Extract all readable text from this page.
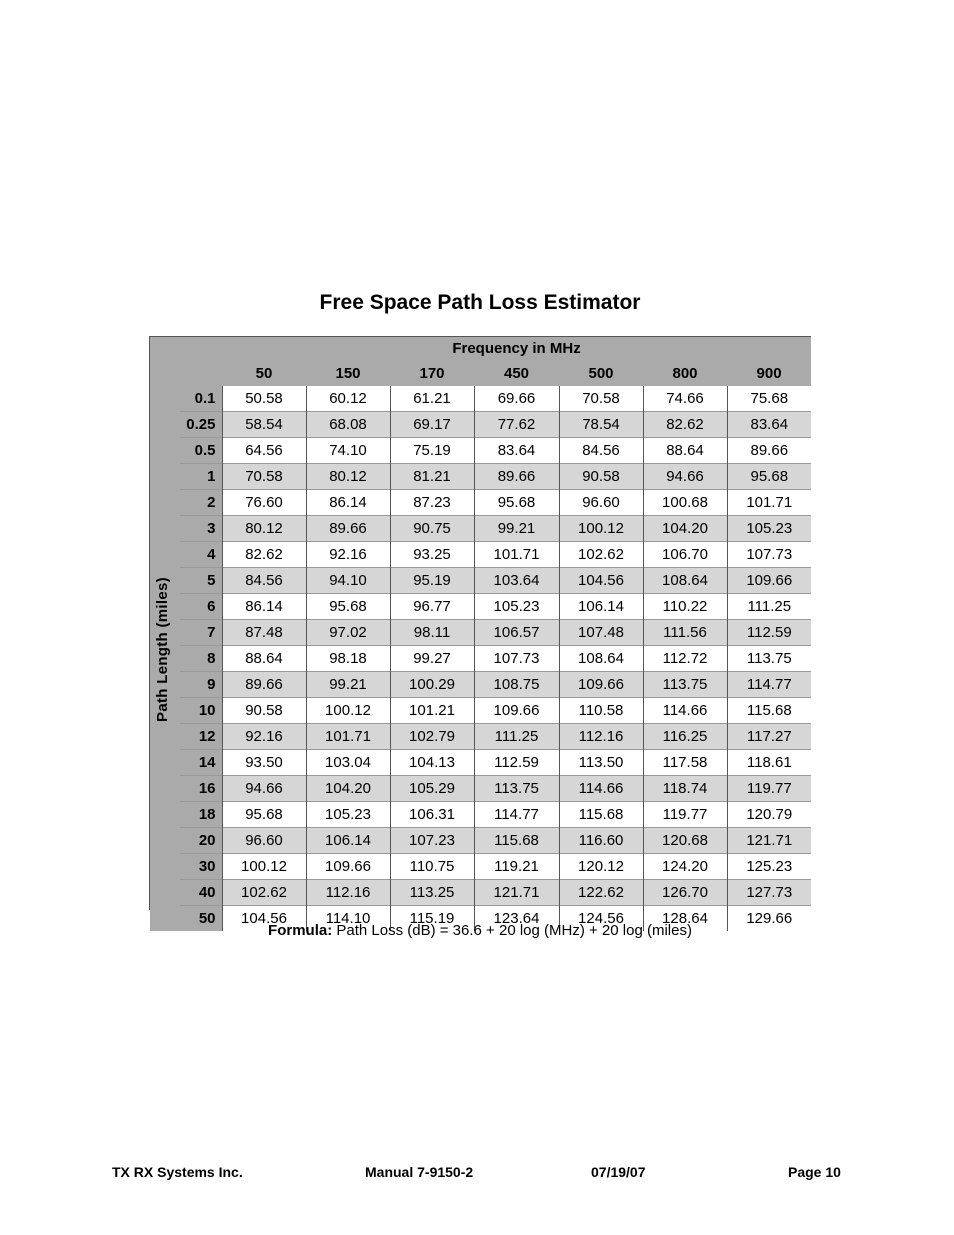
Free Space Path Loss Estimator
		Frequency in MHz						
		50	150	170	450	500	800	900
	0.1	50.58	60.12	61.21	69.66	70.58	74.66	75.68
	0.25	58.54	68.08	69.17	77.62	78.54	82.62	83.64
	0.5	64.56	74.10	75.19	83.64	84.56	88.64	89.66
	1	70.58	80.12	81.21	89.66	90.58	94.66	95.68
	2	76.60	86.14	87.23	95.68	96.60	100.68	101.71
	3	80.12	89.66	90.75	99.21	100.12	104.20	105.23
	4	82.62	92.16	93.25	101.71	102.62	106.70	107.73
	5	84.56	94.10	95.19	103.64	104.56	108.64	109.66
	6	86.14	95.68	96.77	105.23	106.14	110.22	111.25
	7	87.48	97.02	98.11	106.57	107.48	111.56	112.59
	8	88.64	98.18	99.27	107.73	108.64	112.72	113.75
	9	89.66	99.21	100.29	108.75	109.66	113.75	114.77
	10	90.58	100.12	101.21	109.66	110.58	114.66	115.68
	12	92.16	101.71	102.79	111.25	112.16	116.25	117.27
	14	93.50	103.04	104.13	112.59	113.50	117.58	118.61
	16	94.66	104.20	105.29	113.75	114.66	118.74	119.77
	18	95.68	105.23	106.31	114.77	115.68	119.77	120.79
	20	96.60	106.14	107.23	115.68	116.60	120.68	121.71
	30	100.12	109.66	110.75	119.21	120.12	124.20	125.23
	40	102.62	112.16	113.25	121.71	122.62	126.70	127.73
	50	104.56	114.10	115.19	123.64	124.56	128.64	129.66
Path Length (miles)
Formula: Path Loss (dB) = 36.6 + 20 log (MHz) + 20 log (miles)
TX RX Systems Inc.	Manual 7-9150-2	07/19/07	Page 10
